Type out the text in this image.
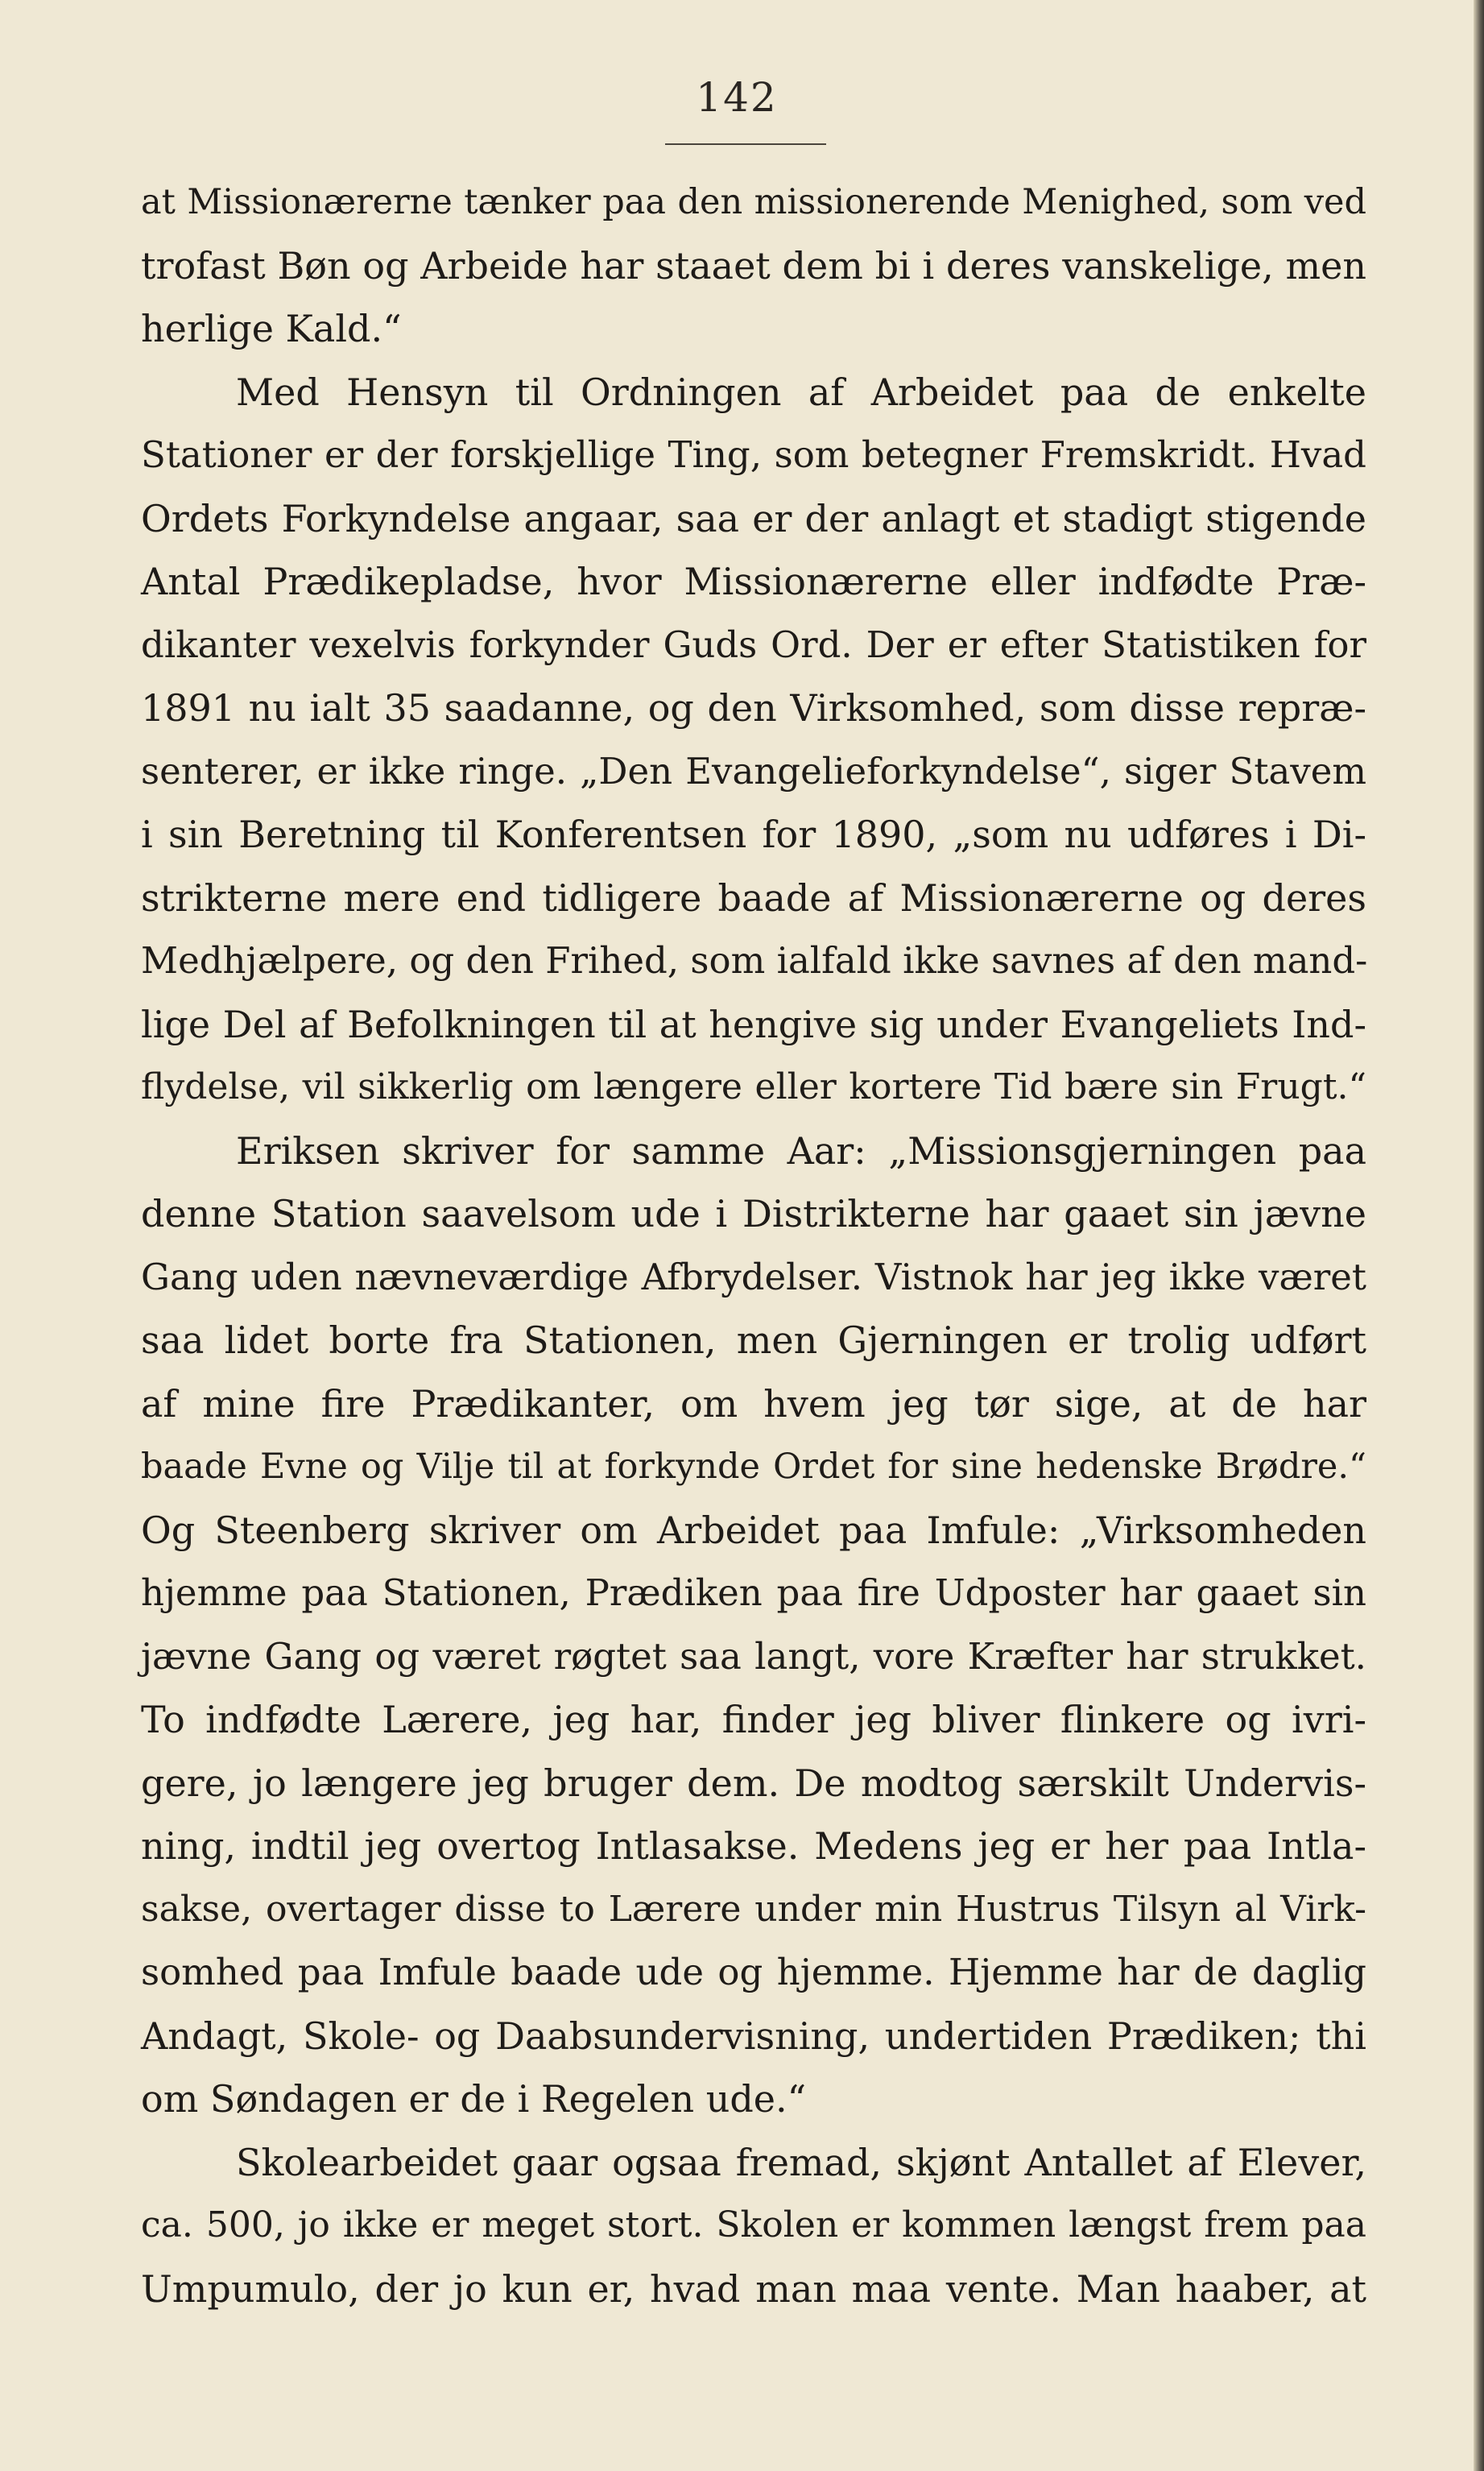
142
at Missionærerne tænker paa den missionerende Menighed, som ved
trofast Bøn og Arbeide har staaet dem bi i deres vanskelige, men
herlige Kald.“
Med Hensyn til Ordningen af Arbeidet paa de enkelte
Stationer er der forskjellige Ting, som betegner Fremskridt. Hvad
Ordets Forkyndelse angaar, saa er der anlagt et stadigt stigende
Antal Prædikepladse, hvor Missionærerne eller indfødte Præ-
dikanter vexelvis forkynder Guds Ord. Der er efter Statistiken for
1891 nu ialt 35 saadanne, og den Virksomhed, som disse repræ-
senterer, er ikke ringe. „Den Evangelieforkyndelse“, siger Stavem
i sin Beretning til Konferentsen for 1890, „som nu udføres i Di-
strikterne mere end tidligere baade af Missionærerne og deres
Medhjælpere, og den Frihed, som ialfald ikke savnes af den mand-
lige Del af Befolkningen til at hengive sig under Evangeliets Ind-
flydelse, vil sikkerlig om længere eller kortere Tid bære sin Frugt.“
Eriksen skriver for samme Aar: „Missionsgjerningen paa
denne Station saavelsom ude i Distrikterne har gaaet sin jævne
Gang uden nævneværdige Afbrydelser. Vistnok har jeg ikke været
saa lidet borte fra Stationen, men Gjerningen er trolig udført
af mine fire Prædikanter, om hvem jeg tør sige, at de har
baade Evne og Vilje til at forkynde Ordet for sine hedenske Brødre.“
Og Steenberg skriver om Arbeidet paa Imfule: „Virksomheden
hjemme paa Stationen, Prædiken paa fire Udposter har gaaet sin
jævne Gang og været røgtet saa langt, vore Kræfter har strukket.
To indfødte Lærere, jeg har, finder jeg bliver flinkere og ivri-
gere, jo længere jeg bruger dem. De modtog særskilt Undervis-
ning, indtil jeg overtog Intlasakse. Medens jeg er her paa Intla-
sakse, overtager disse to Lærere under min Hustrus Tilsyn al Virk-
somhed paa Imfule baade ude og hjemme. Hjemme har de daglig
Andagt, Skole- og Daabsundervisning, undertiden Prædiken; thi
om Søndagen er de i Regelen ude.“
Skolearbeidet gaar ogsaa fremad, skjønt Antallet af Elever,
ca. 500, jo ikke er meget stort. Skolen er kommen længst frem paa
Umpumulo, der jo kun er, hvad man maa vente. Man haaber, at
